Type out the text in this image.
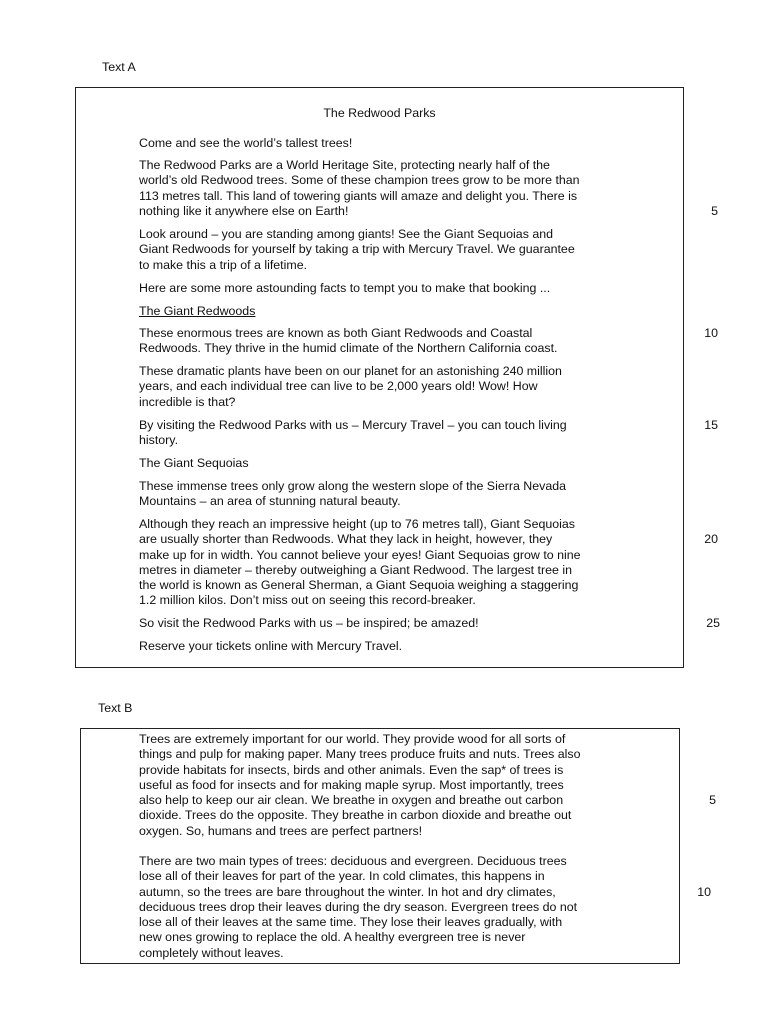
Text A
The Redwood Parks
Come and see the world’s tallest trees!
The Redwood Parks are a World Heritage Site, protecting nearly half of the
world’s old Redwood trees. Some of these champion trees grow to be more than
113 metres tall. This land of towering giants will amaze and delight you. There is
nothing like it anywhere else on Earth!
Look around – you are standing among giants! See the Giant Sequoias and
Giant Redwoods for yourself by taking a trip with Mercury Travel. We guarantee
to make this a trip of a lifetime.
Here are some more astounding facts to tempt you to make that booking ...
The Giant Redwoods
These enormous trees are known as both Giant Redwoods and Coastal
Redwoods. They thrive in the humid climate of the Northern California coast.
These dramatic plants have been on our planet for an astonishing 240 million
years, and each individual tree can live to be 2,000 years old! Wow! How
incredible is that?
By visiting the Redwood Parks with us – Mercury Travel – you can touch living
history.
The Giant Sequoias
These immense trees only grow along the western slope of the Sierra Nevada
Mountains – an area of stunning natural beauty.
Although they reach an impressive height (up to 76 metres tall), Giant Sequoias
are usually shorter than Redwoods. What they lack in height, however, they
make up for in width. You cannot believe your eyes! Giant Sequoias grow to nine
metres in diameter – thereby outweighing a Giant Redwood. The largest tree in
the world is known as General Sherman, a Giant Sequoia weighing a staggering
1.2 million kilos. Don’t miss out on seeing this record-breaker.
So visit the Redwood Parks with us – be inspired; be amazed!
Reserve your tickets online with Mercury Travel.
5
10
15
20
25
Text B
Trees are extremely important for our world. They provide wood for all sorts of
things and pulp for making paper. Many trees produce fruits and nuts. Trees also
provide habitats for insects, birds and other animals. Even the sap* of trees is
useful as food for insects and for making maple syrup. Most importantly, trees
also help to keep our air clean. We breathe in oxygen and breathe out carbon
dioxide. Trees do the opposite. They breathe in carbon dioxide and breathe out
oxygen. So, humans and trees are perfect partners!
There are two main types of trees: deciduous and evergreen. Deciduous trees
lose all of their leaves for part of the year. In cold climates, this happens in
autumn, so the trees are bare throughout the winter. In hot and dry climates,
deciduous trees drop their leaves during the dry season. Evergreen trees do not
lose all of their leaves at the same time. They lose their leaves gradually, with
new ones growing to replace the old. A healthy evergreen tree is never
completely without leaves.
5
10
